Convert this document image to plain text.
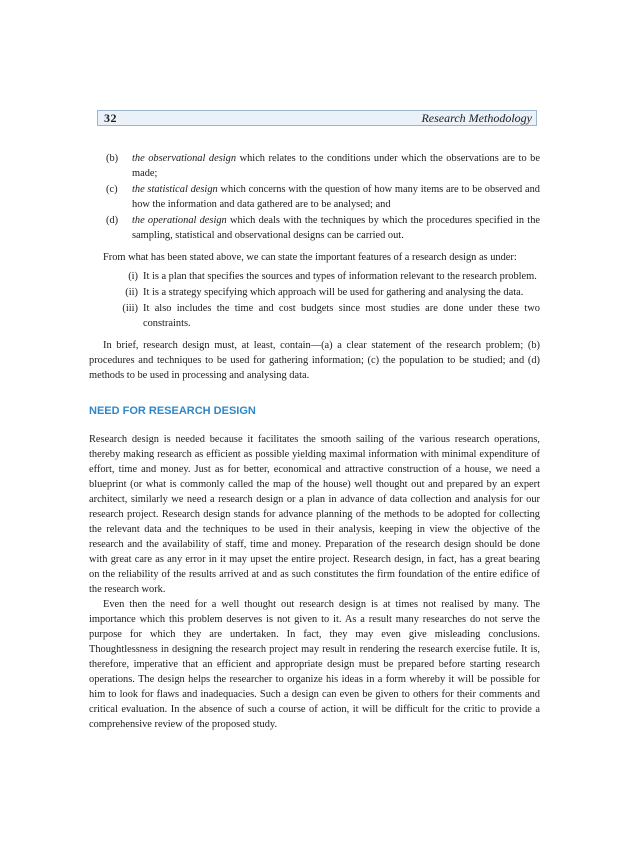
32	Research Methodology
(b)	the observational design which relates to the conditions under which the observations are to be made;
(c)	the statistical design which concerns with the question of how many items are to be observed and how the information and data gathered are to be analysed; and
(d)	the operational design which deals with the techniques by which the procedures specified in the sampling, statistical and observational designs can be carried out.

From what has been stated above, we can state the important features of a research design as under:

(i) It is a plan that specifies the sources and types of information relevant to the research problem.
(ii) It is a strategy specifying which approach will be used for gathering and analysing the data.
(iii) It also includes the time and cost budgets since most studies are done under these two constraints.

In brief, research design must, at least, contain—(a) a clear statement of the research problem; (b) procedures and techniques to be used for gathering information; (c) the population to be studied; and (d) methods to be used in processing and analysing data.

NEED FOR RESEARCH DESIGN

Research design is needed because it facilitates the smooth sailing of the various research operations, thereby making research as efficient as possible yielding maximal information with minimal expenditure of effort, time and money. Just as for better, economical and attractive construction of a house, we need a blueprint (or what is commonly called the map of the house) well thought out and prepared by an expert architect, similarly we need a research design or a plan in advance of data collection and analysis for our research project. Research design stands for advance planning of the methods to be adopted for collecting the relevant data and the techniques to be used in their analysis, keeping in view the objective of the research and the availability of staff, time and money. Preparation of the research design should be done with great care as any error in it may upset the entire project. Research design, in fact, has a great bearing on the reliability of the results arrived at and as such constitutes the firm foundation of the entire edifice of the research work.

Even then the need for a well thought out research design is at times not realised by many. The importance which this problem deserves is not given to it. As a result many researches do not serve the purpose for which they are undertaken. In fact, they may even give misleading conclusions. Thoughtlessness in designing the research project may result in rendering the research exercise futile. It is, therefore, imperative that an efficient and appropriate design must be prepared before starting research operations. The design helps the researcher to organize his ideas in a form whereby it will be possible for him to look for flaws and inadequacies. Such a design can even be given to others for their comments and critical evaluation. In the absence of such a course of action, it will be difficult for the critic to provide a comprehensive review of the proposed study.
